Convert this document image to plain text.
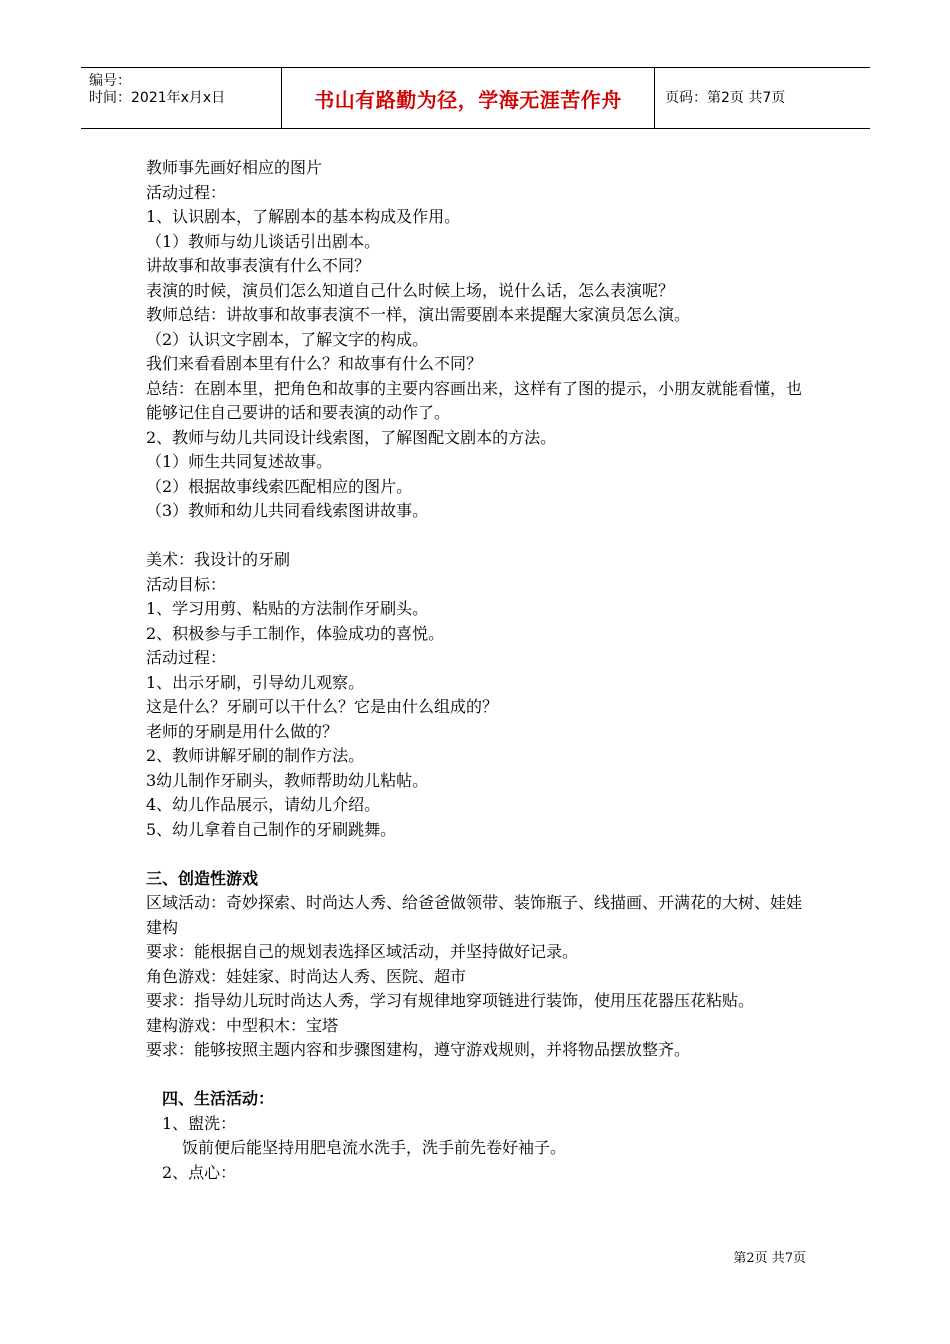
编号：
时间：2021年x月x日	书山有路勤为径，学海无涯苦作舟	页码：第2页 共7页
教师事先画好相应的图片
活动过程：
1、认识剧本，了解剧本的基本构成及作用。
（1）教师与幼儿谈话引出剧本。
讲故事和故事表演有什么不同？
表演的时候，演员们怎么知道自己什么时候上场，说什么话，怎么表演呢？
教师总结：讲故事和故事表演不一样，演出需要剧本来提醒大家演员怎么演。
（2）认识文字剧本，了解文字的构成。
我们来看看剧本里有什么？和故事有什么不同？
总结：在剧本里，把角色和故事的主要内容画出来，这样有了图的提示，小朋友就能看懂，也能够记住自己要讲的话和要表演的动作了。
2、教师与幼儿共同设计线索图，了解图配文剧本的方法。
（1）师生共同复述故事。
（2）根据故事线索匹配相应的图片。
（3）教师和幼儿共同看线索图讲故事。
美术：我设计的牙刷
活动目标：
1、学习用剪、粘贴的方法制作牙刷头。
2、积极参与手工制作，体验成功的喜悦。
活动过程：
1、出示牙刷，引导幼儿观察。
这是什么？牙刷可以干什么？它是由什么组成的？
老师的牙刷是用什么做的？
2、教师讲解牙刷的制作方法。
3幼儿制作牙刷头，教师帮助幼儿粘帖。
4、幼儿作品展示，请幼儿介绍。
5、幼儿拿着自己制作的牙刷跳舞。
三、创造性游戏
区域活动：奇妙探索、时尚达人秀、给爸爸做领带、装饰瓶子、线描画、开满花的大树、娃娃建构
要求：能根据自己的规划表选择区域活动，并坚持做好记录。
角色游戏：娃娃家、时尚达人秀、医院、超市
要求：指导幼儿玩时尚达人秀，学习有规律地穿项链进行装饰，使用压花器压花粘贴。
建构游戏：中型积木：宝塔
要求：能够按照主题内容和步骤图建构，遵守游戏规则，并将物品摆放整齐。
四、生活活动：
1、盥洗：
饭前便后能坚持用肥皂流水洗手，洗手前先卷好袖子。
2、点心：
第2页 共7页
